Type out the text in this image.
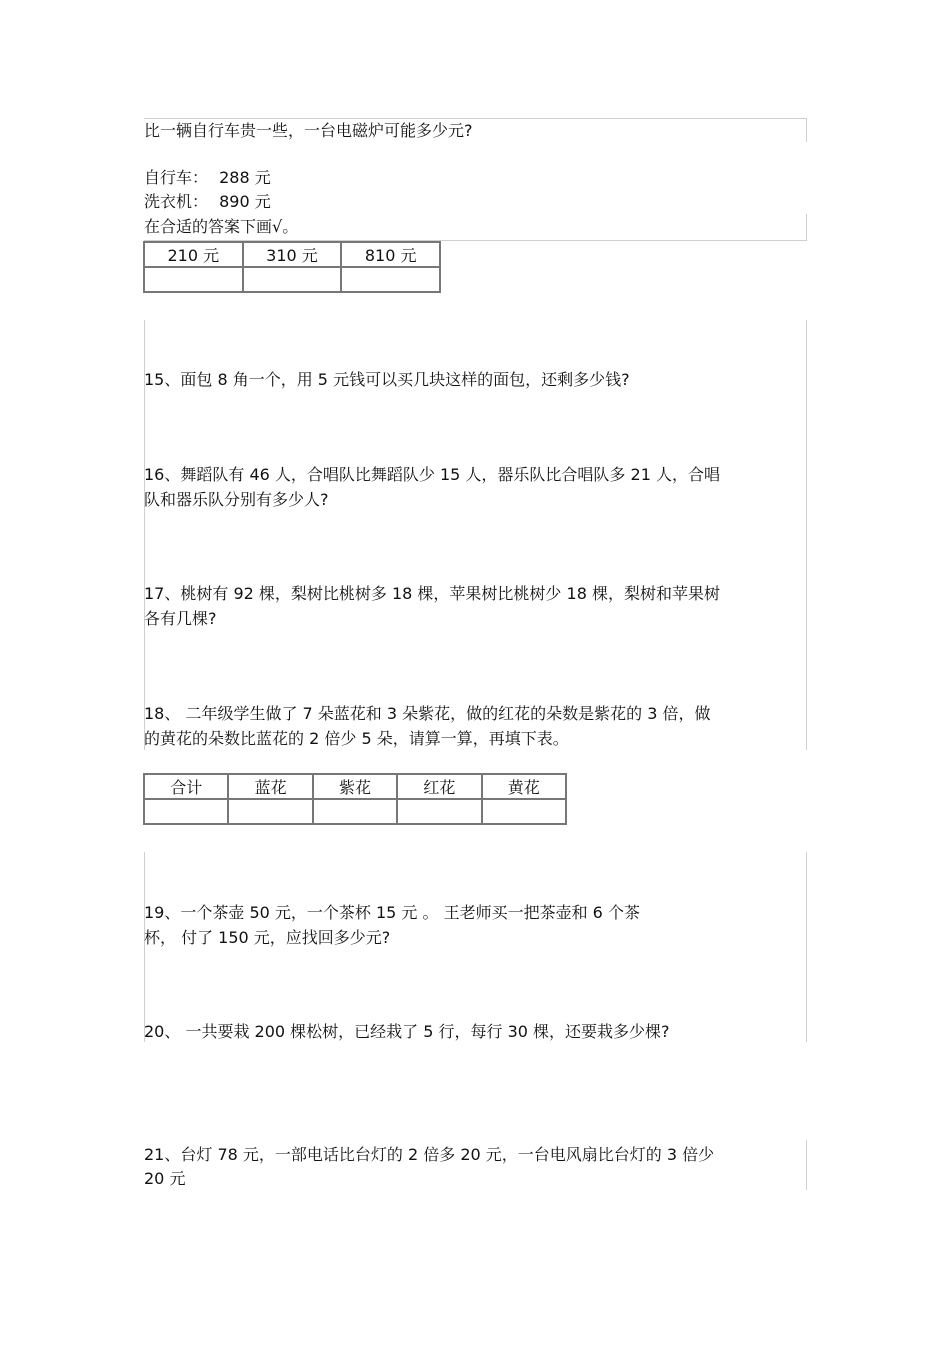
比一辆自行车贵一些，一台电磁炉可能多少元?
自行车： 288 元
洗衣机： 890 元
在合适的答案下画√。
210 元	310 元	810 元

15、面包 8 角一个，用 5 元钱可以买几块这样的面包，还剩多少钱?
16、舞蹈队有 46 人，合唱队比舞蹈队少 15 人，器乐队比合唱队多 21 人，合唱
队和器乐队分别有多少人?
17、桃树有 92 棵，梨树比桃树多 18 棵，苹果树比桃树少 18 棵，梨树和苹果树
各有几棵?
18、 二年级学生做了 7 朵蓝花和 3 朵紫花，做的红花的朵数是紫花的 3 倍，做
的黄花的朵数比蓝花的 2 倍少 5 朵，请算一算，再填下表。
合计	蓝花	紫花	红花	黄花

19、一个茶壶 50 元，一个茶杯 15 元 。 王老师买一把茶壶和 6 个茶
杯， 付了 150 元，应找回多少元?
20、 一共要栽 200 棵松树，已经栽了 5 行，每行 30 棵，还要栽多少棵?
21、台灯 78 元，一部电话比台灯的 2 倍多 20 元，一台电风扇比台灯的 3 倍少
20 元
